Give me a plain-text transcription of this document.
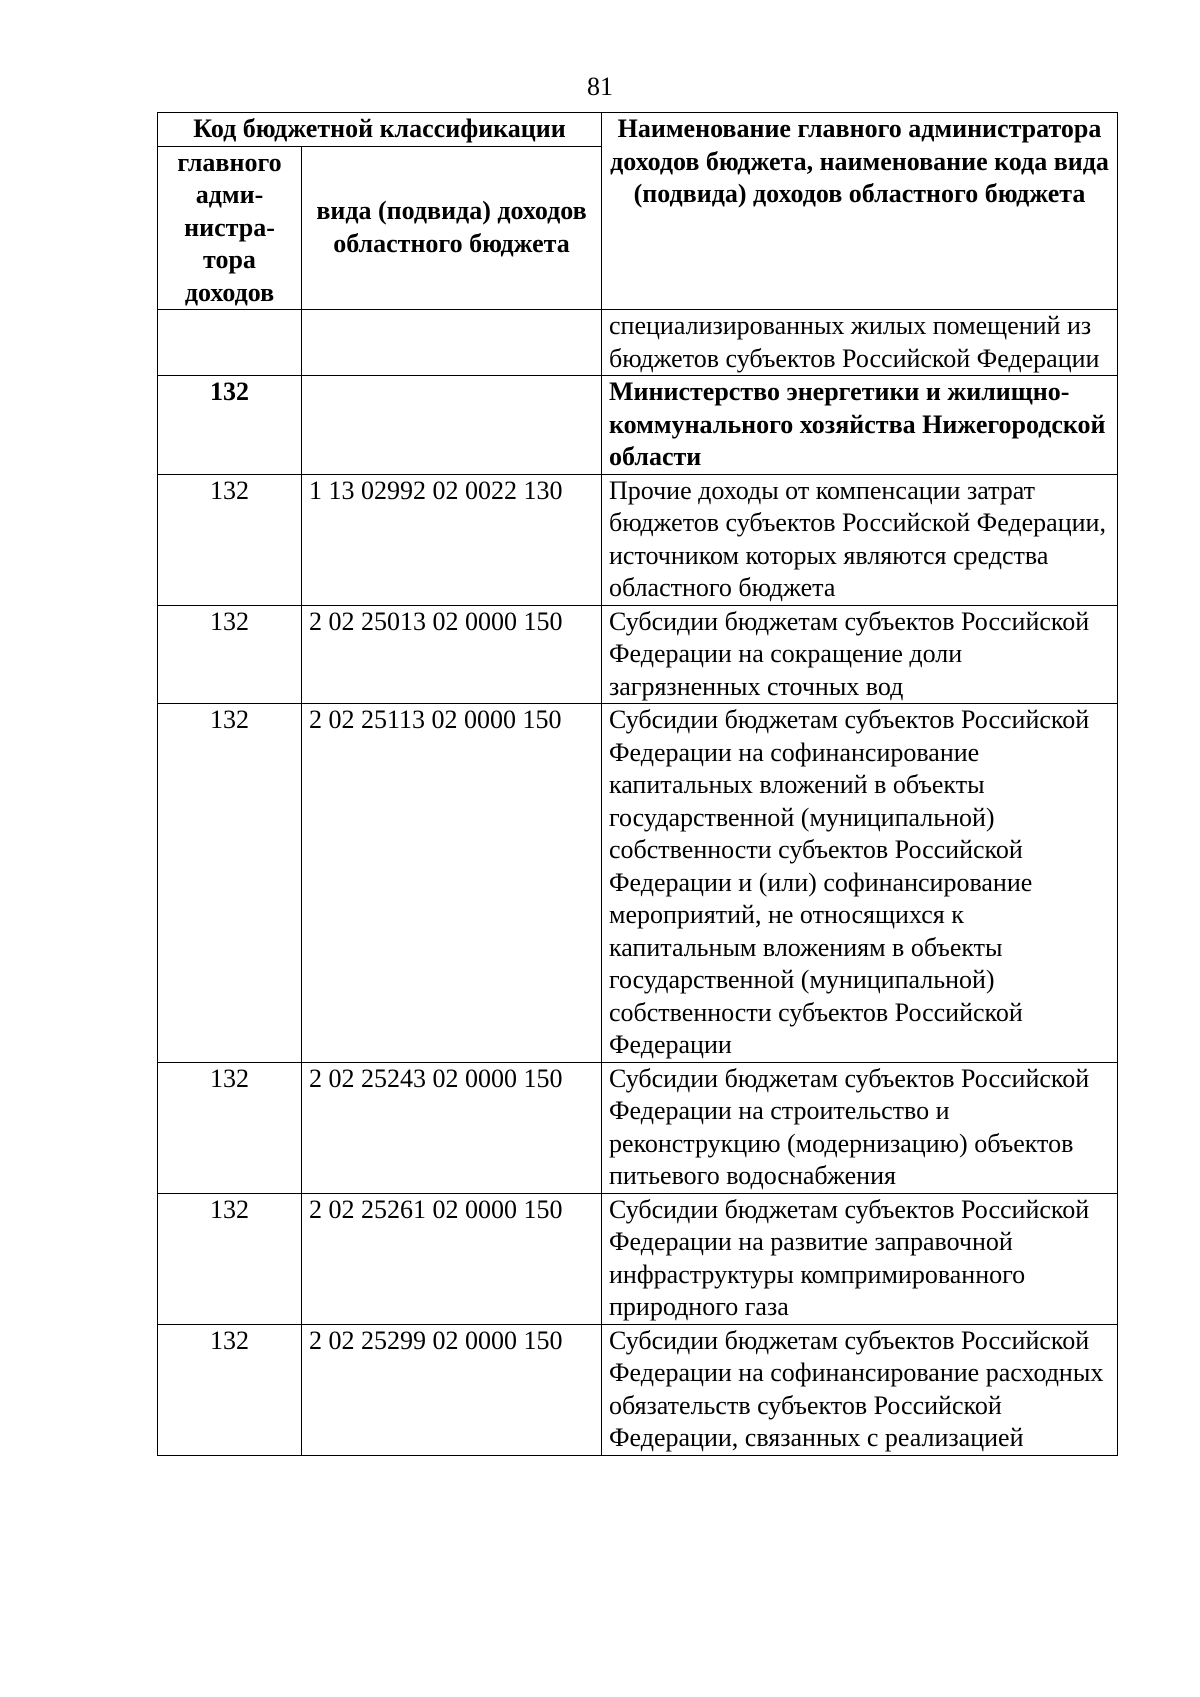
81
Код бюджетной классификации		Наименование главного администратора доходов бюджета, наименование кода вида (подвида) доходов областного бюджета
главного адми-нистра-тора доходов	вида (подвида) доходов областного бюджета	
		специализированных жилых помещений из бюджетов субъектов Российской Федерации
132		Министерство энергетики и жилищно-коммунального хозяйства Нижегородской области
132	1 13 02992 02 0022 130	Прочие доходы от компенсации затрат бюджетов субъектов Российской Федерации, источником которых являются средства областного бюджета
132	2 02 25013 02 0000 150	Субсидии бюджетам субъектов Российской Федерации на сокращение доли загрязненных сточных вод
132	2 02 25113 02 0000 150	Субсидии бюджетам субъектов Российской Федерации на софинансирование капитальных вложений в объекты государственной (муниципальной) собственности субъектов Российской Федерации и (или) софинансирование мероприятий, не относящихся к капитальным вложениям в объекты государственной (муниципальной) собственности субъектов Российской Федерации
132	2 02 25243 02 0000 150	Субсидии бюджетам субъектов Российской Федерации на строительство и реконструкцию (модернизацию) объектов питьевого водоснабжения
132	2 02 25261 02 0000 150	Субсидии бюджетам субъектов Российской Федерации на развитие заправочной инфраструктуры компримированного природного газа
132	2 02 25299 02 0000 150	Субсидии бюджетам субъектов Российской Федерации на софинансирование расходных обязательств субъектов Российской Федерации, связанных с реализацией
